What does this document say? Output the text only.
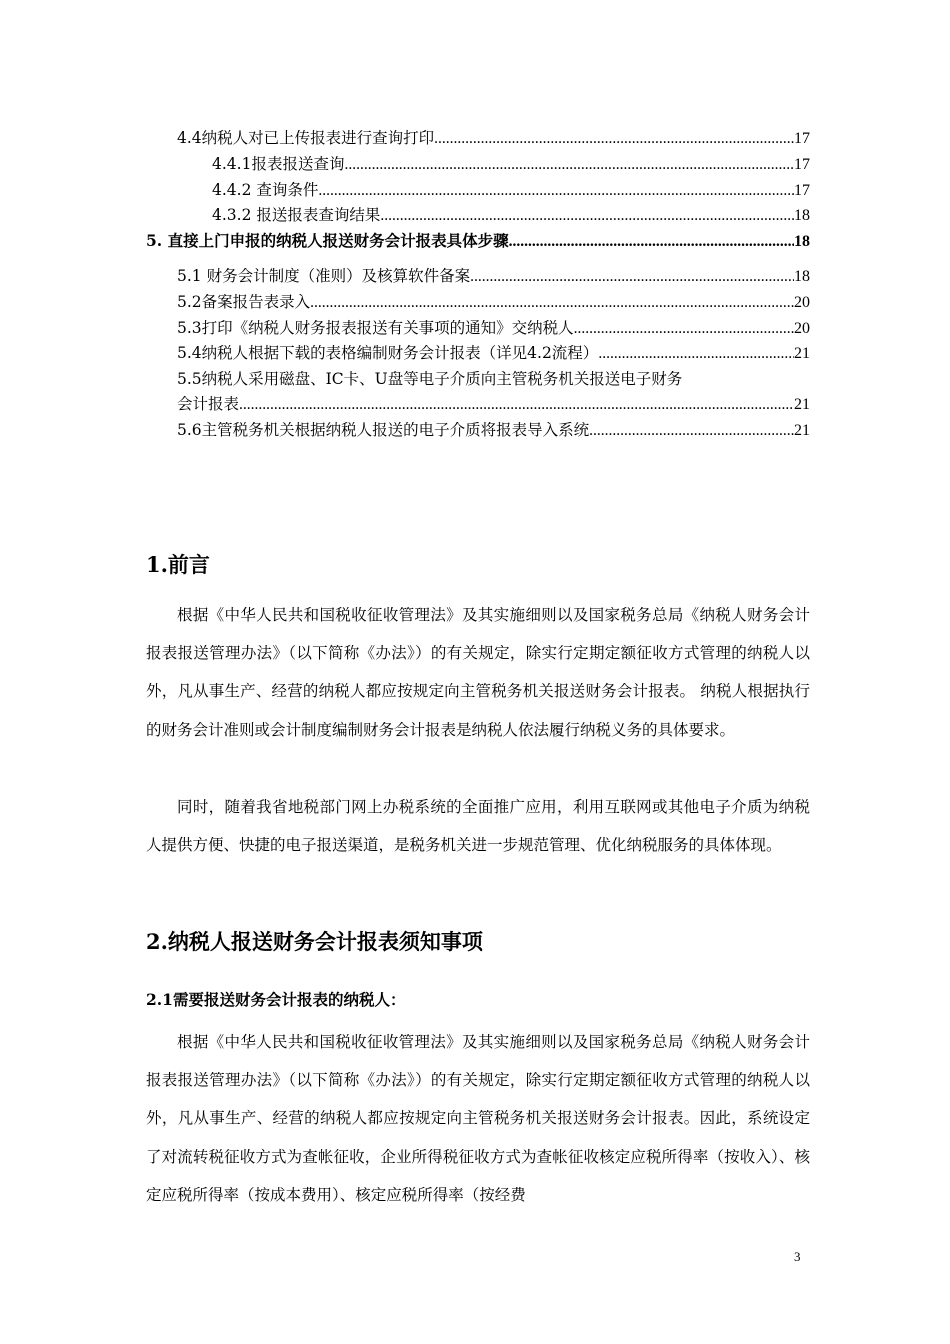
4.4纳税人对已上传报表进行查询打印 .....	17
4.4.1报表报送查询 .....	17
4.4.2 查询条件 .....	17
4.3.2 报送报表查询结果 .....	18
5. 直接上门申报的纳税人报送财务会计报表具体步骤 .....	18
5.1 财务会计制度（准则）及核算软件备案 .....	18
5.2备案报告表录入 .....	20
5.3打印《纳税人财务报表报送有关事项的通知》交纳税人 .....	20
5.4纳税人根据下载的表格编制财务会计报表（详见4.2流程） .....	21
5.5纳税人采用磁盘、IC卡、U盘等电子介质向主管税务机关报送电子财务
会计报表 .....	21
5.6主管税务机关根据纳税人报送的电子介质将报表导入系统 .....	21
1.前言

根据《中华人民共和国税收征收管理法》及其实施细则以及国家税务总局《纳税人财务会计报表报送管理办法》（以下简称《办法》）的有关规定，除实行定期定额征收方式管理的纳税人以外，凡从事生产、经营的纳税人都应按规定向主管税务机关报送财务会计报表。 纳税人根据执行的财务会计准则或会计制度编制财务会计报表是纳税人依法履行纳税义务的具体要求。

同时，随着我省地税部门网上办税系统的全面推广应用，利用互联网或其他电子介质为纳税人提供方便、快捷的电子报送渠道，是税务机关进一步规范管理、优化纳税服务的具体体现。

2.纳税人报送财务会计报表须知事项
2.1需要报送财务会计报表的纳税人：

根据《中华人民共和国税收征收管理法》及其实施细则以及国家税务总局《纳税人财务会计报表报送管理办法》（以下简称《办法》）的有关规定，除实行定期定额征收方式管理的纳税人以外，凡从事生产、经营的纳税人都应按规定向主管税务机关报送财务会计报表。因此，系统设定了对流转税征收方式为查帐征收，企业所得税征收方式为查帐征收核定应税所得率（按收入）、核定应税所得率（按成本费用）、核定应税所得率（按经费

3
